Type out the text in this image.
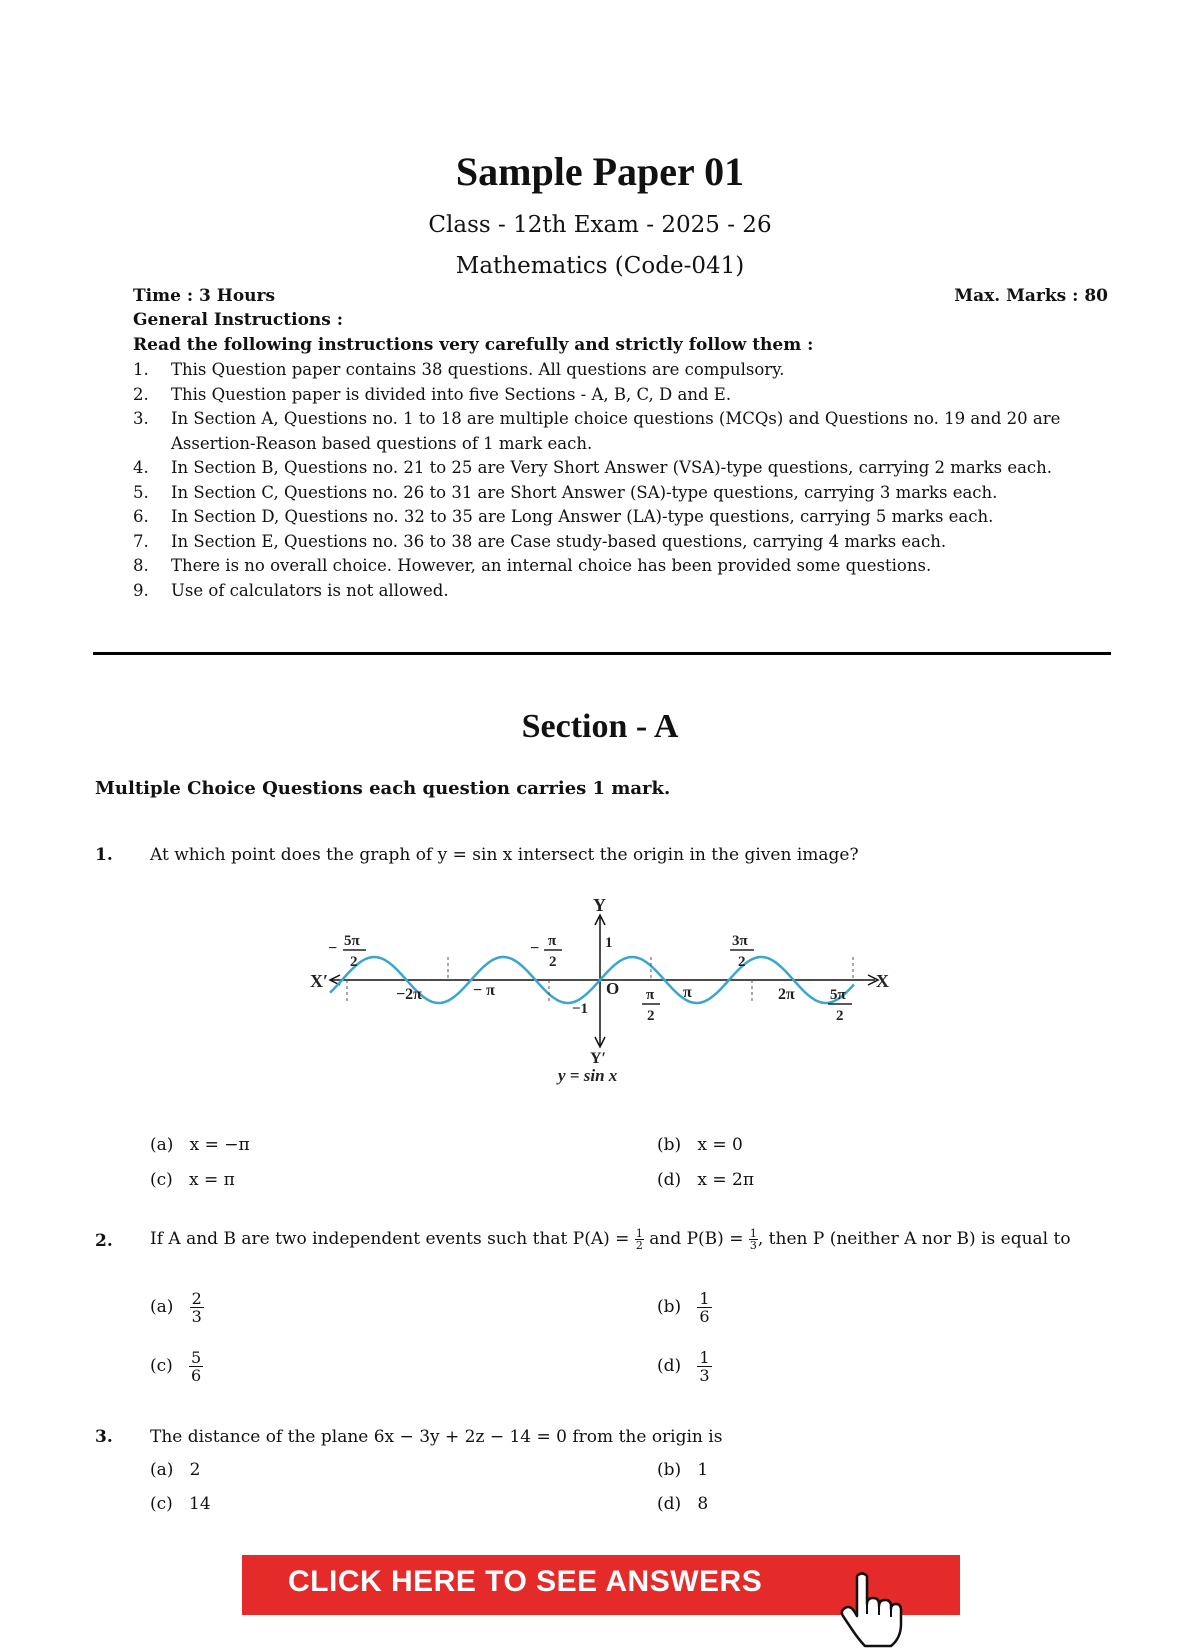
Sample Paper 01
Class - 12th Exam - 2025 - 26
Mathematics (Code-041)
Time : 3 Hours	Max. Marks : 80
General Instructions :
Read the following instructions very carefully and strictly follow them :
1.	This Question paper contains 38 questions. All questions are compulsory.
2.	This Question paper is divided into five Sections - A, B, C, D and E.
3.	In Section A, Questions no. 1 to 18 are multiple choice questions (MCQs) and Questions no. 19 and 20 are Assertion-Reason based questions of 1 mark each.
4.	In Section B, Questions no. 21 to 25 are Very Short Answer (VSA)-type questions, carrying 2 marks each.
5.	In Section C, Questions no. 26 to 31 are Short Answer (SA)-type questions, carrying 3 marks each.
6.	In Section D, Questions no. 32 to 35 are Long Answer (LA)-type questions, carrying 5 marks each.
7.	In Section E, Questions no. 36 to 38 are Case study-based questions, carrying 4 marks each.
8.	There is no overall choice. However, an internal choice has been provided some questions.
9.	Use of calculators is not allowed.
Section - A
Multiple Choice Questions each question carries 1 mark.
1. At which point does the graph of y = sin x intersect the origin in the given image?
X′	X
Y
Y′
O
1
−1
−2π	− π	π	2π
− 5π
2
− π
2
π
2
3π
2
5π
2
y = sin x
(a) x = −π	(b) x = 0
(c) x = π	(d) x = 2π
2. If A and B are two independent events such that $P(A) = \frac{1}{2}$ and $P(B) = \frac{1}{3}$ , then P (neither A nor B) is equal to
$(a) \frac{2}{3}$	$(b) \frac{1}{6}$
$(c) \frac{5}{6}$	$(d) \frac{1}{3}$
3. The distance of the plane 6x − 3y + 2z − 14 = 0 from the origin is
(a) 2	(b) 1
(c) 14	(d) 8
CLICK HERE TO SEE ANSWERS
